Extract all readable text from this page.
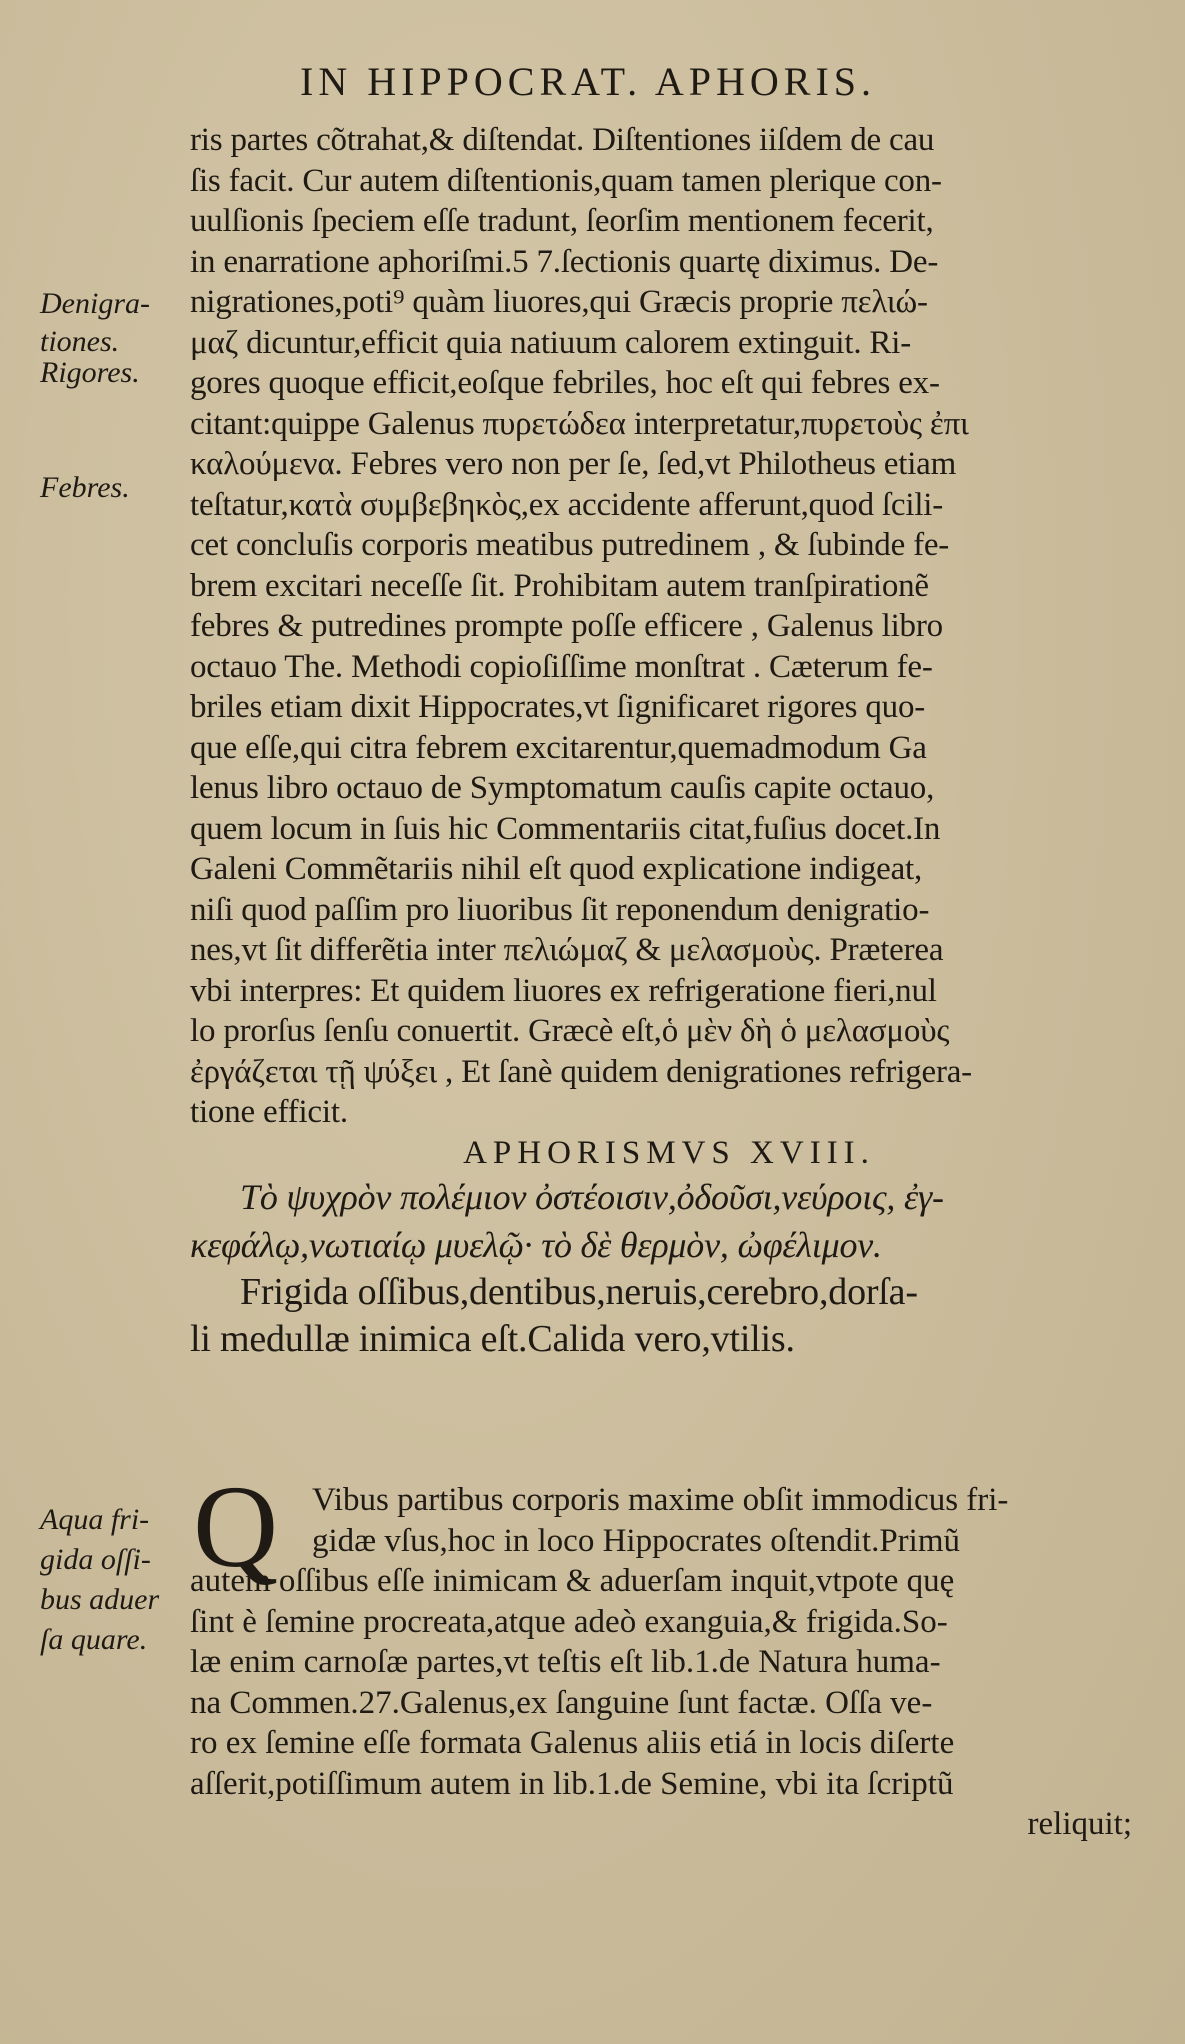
IN HIPPOCRAT. APHORIS.
Denigra- tiones.
Rigores.
Febres.
Aqua fri- gida oſſi- bus aduer ſa quare.
ris partes cõtrahat,& diſtendat. Diſtentiones iiſdem de cau
ſis facit. Cur autem diſtentionis,quam tamen plerique con-
uulſionis ſpeciem eſſe tradunt, ſeorſim mentionem fecerit,
in enarratione aphoriſmi.5 7.ſectionis quartę diximus. De-
nigrationes,poti⁹ quàm liuores,qui Græcis proprie πελιώ-
μαζ dicuntur,efficit quia natiuum calorem extinguit. Ri-
gores quoque efficit,eoſque febriles, hoc eſt qui febres ex-
citant:quippe Galenus πυρετώδεα interpretatur,πυρετοὺς ἐπι
καλούμενα. Febres vero non per ſe, ſed,vt Philotheus etiam
teſtatur,κατὰ συμβεβηκὸς,ex accidente afferunt,quod ſcili-
cet concluſis corporis meatibus putredinem , & ſubinde fe-
brem excitari neceſſe ſit. Prohibitam autem tranſpirationẽ
febres & putredines prompte poſſe efficere , Galenus libro
octauo The. Methodi copioſiſſime monſtrat . Cæterum fe-
briles etiam dixit Hippocrates,vt ſignificaret rigores quo-
que eſſe,qui citra febrem excitarentur,quemadmodum Ga
lenus libro octauo de Symptomatum cauſis capite octauo,
quem locum in ſuis hic Commentariis citat,fuſius docet.In
Galeni Commẽtariis nihil eſt quod explicatione indigeat,
niſi quod paſſim pro liuoribus ſit reponendum denigratio-
nes,vt ſit differẽtia inter πελιώμαζ & μελασμοὺς. Præterea
vbi interpres: Et quidem liuores ex refrigeratione fieri,nul
lo prorſus ſenſu conuertit. Græcè eſt,ὁ μὲν δὴ ὁ μελασμοὺς
ἐργάζεται τῇ ψύξει , Et ſanè quidem denigrationes refrigera-
tione efficit.
APHORISMVS XVIII.
Τὸ ψυχρὸν πολέμιον ὀστέοισιν,ὀδοῦσι,νεύροις, ἐγ-
κεφάλῳ,νωτιαίῳ μυελῷ· τὸ δὲ θερμὸν, ὠφέλιμον.
Frigida oſſibus,dentibus,neruis,cerebro,dorſa-
li medullæ inimica eſt.Calida vero,vtilis.
Q	Vibus partibus corporis maxime obſit immodicus fri-
gidæ vſus,hoc in loco Hippocrates oſtendit.Primũ
autem oſſibus eſſe inimicam & aduerſam inquit,vtpote quę
ſint è ſemine procreata,atque adeò exanguia,& frigida.So-
læ enim carnoſæ partes,vt teſtis eſt lib.1.de Natura huma-
na Commen.27.Galenus,ex ſanguine ſunt factæ. Oſſa ve-
ro ex ſemine eſſe formata Galenus aliis etiá in locis diſerte
aſſerit,potiſſimum autem in lib.1.de Semine, vbi ita ſcriptũ
reliquit;
